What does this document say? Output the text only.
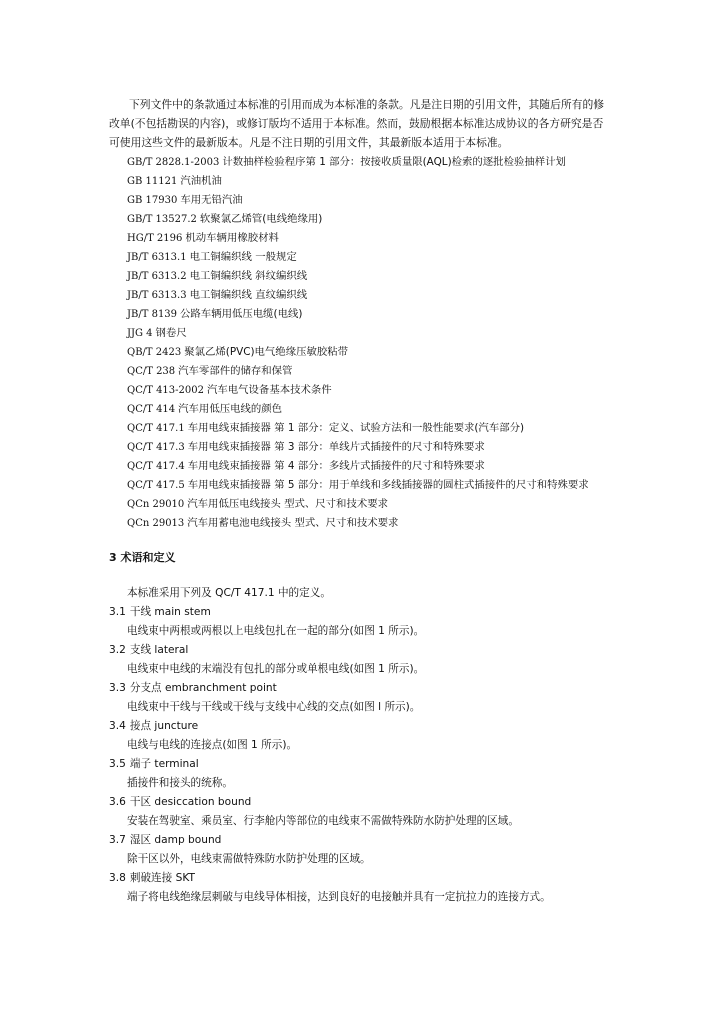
下列文件中的条款通过本标准的引用而成为本标准的条款。凡是注日期的引用文件，其随后所有的修改单(不包括勘误的内容)，或修订版均不适用于本标准。然而，鼓励根据本标准达成协议的各方研究是否可使用这些文件的最新版本。凡是不注日期的引用文件，其最新版本适用于本标准。

GB/T 2828.1-2003 计数抽样检验程序第 1 部分：按接收质量限(AQL)检索的逐批检验抽样计划
GB 11121 汽油机油
GB 17930 车用无铅汽油
GB/T 13527.2 软聚氯乙烯管(电线绝缘用)
HG/T 2196 机动车辆用橡胶材料
JB/T 6313.1 电工铜编织线 一般规定
JB/T 6313.2 电工铜编织线 斜纹编织线
JB/T 6313.3 电工铜编织线 直纹编织线
JB/T 8139 公路车辆用低压电缆(电线)
JJG 4 钢卷尺
QB/T 2423 聚氯乙烯(PVC)电气绝缘压敏胶粘带
QC/T 238 汽车零部件的储存和保管
QC/T 413-2002 汽车电气设备基本技术条件
QC/T 414 汽车用低压电线的颜色
QC/T 417.1 车用电线束插接器 第 1 部分：定义、试验方法和一般性能要求(汽车部分)
QC/T 417.3 车用电线束插接器 第 3 部分：单线片式插接件的尺寸和特殊要求
QC/T 417.4 车用电线束插接器 第 4 部分：多线片式插接件的尺寸和特殊要求
QC/T 417.5 车用电线束插接器 第 5 部分：用于单线和多线插接器的圆柱式插接件的尺寸和特殊要求
QCn 29010 汽车用低压电线接头 型式、尺寸和技术要求
QCn 29013 汽车用蓄电池电线接头 型式、尺寸和技术要求
3 术语和定义
本标准采用下列及 QC/T 417.1 中的定义。
3.1 干线 main stem
电线束中两根或两根以上电线包扎在一起的部分(如图 1 所示)。
3.2 支线 lateral
电线束中电线的末端没有包扎的部分或单根电线(如图 1 所示)。
3.3 分支点 embranchment point
电线束中干线与干线或干线与支线中心线的交点(如图 l 所示)。
3.4 接点 juncture
电线与电线的连接点(如图 1 所示)。
3.5 端子 terminal
插接件和接头的统称。
3.6 干区 desiccation bound
安装在驾驶室、乘员室、行李舱内等部位的电线束不需做特殊防水防护处理的区域。
3.7 湿区 damp bound
除干区以外，电线束需做特殊防水防护处理的区域。
3.8 刺破连接 SKT
端子将电线绝缘层刺破与电线导体相接，达到良好的电接触并具有一定抗拉力的连接方式。
